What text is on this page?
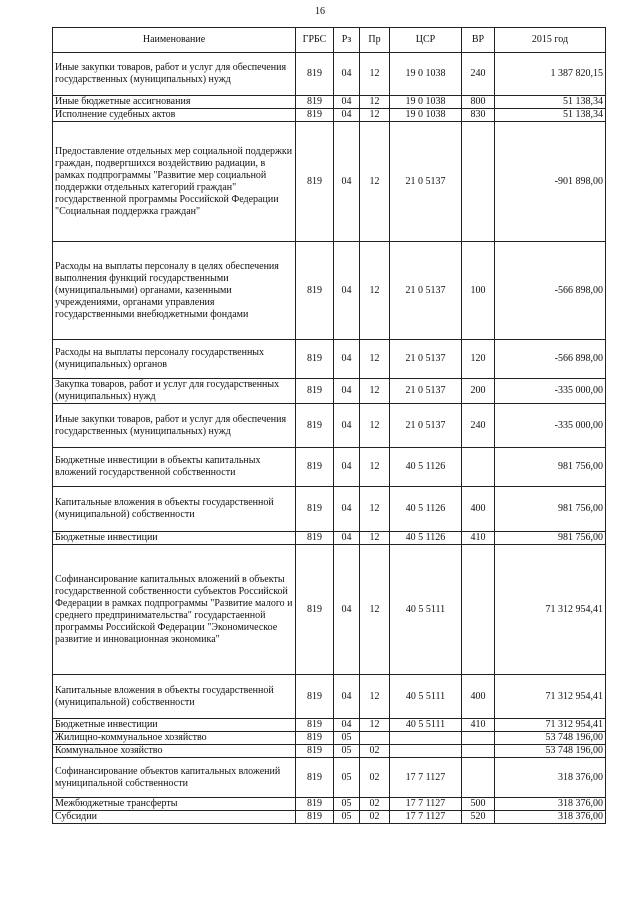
16
Наименование	ГРБС	Рз	Пр	ЦСР	ВР	2015 год
Иные закупки товаров, работ и услуг для обеспечения государственных (муниципальных) нужд	819	04	12	19 0 1038	240	1 387 820,15
Иные бюджетные ассигнования	819	04	12	19 0 1038	800	51 138,34
Исполнение судебных актов	819	04	12	19 0 1038	830	51 138,34
Предоставление отдельных мер социальной поддержки граждан, подвергшихся воздействию радиации, в рамках подпрограммы "Развитие мер социальной поддержки отдельных категорий граждан" государственной программы Российской Федерации "Социальная поддержка граждан"	819	04	12	21 0 5137		-901 898,00
Расходы на выплаты персоналу в целях обеспечения выполнения функций государственными (муниципальными) органами, казенными учреждениями, органами управления государственными внебюджетными фондами	819	04	12	21 0 5137	100	-566 898,00
Расходы на выплаты персоналу государственных (муниципальных) органов	819	04	12	21 0 5137	120	-566 898,00
Закупка товаров, работ и услуг для государственных (муниципальных) нужд	819	04	12	21 0 5137	200	-335 000,00
Иные закупки товаров, работ и услуг для обеспечения государственных (муниципальных) нужд	819	04	12	21 0 5137	240	-335 000,00
Бюджетные инвестиции в объекты капитальных вложений государственной собственности	819	04	12	40 5 1126		981 756,00
Капитальные вложения в объекты государственной (муниципальной) собственности	819	04	12	40 5 1126	400	981 756,00
Бюджетные инвестиции	819	04	12	40 5 1126	410	981 756,00
Софинансирование капитальных вложений в объекты государственной собственности субъектов Российской Федерации в рамках подпрограммы "Развитие малого и среднего предпринимательства" государстаенной программы Российской Федерации "Экономическое развитие и инновационная экономика"	819	04	12	40 5 5111		71 312 954,41
Капитальные вложения в объекты государственной (муниципальной) собственности	819	04	12	40 5 5111	400	71 312 954,41
Бюджетные инвестиции	819	04	12	40 5 5111	410	71 312 954,41
Жилищно-коммунальное хозяйство	819	05				53 748 196,00
Коммунальное хозяйство	819	05	02			53 748 196,00
Софинансирование объектов капитальных вложений муниципальной собственности	819	05	02	17 7 1127		318 376,00
Межбюджетные трансферты	819	05	02	17 7 1127	500	318 376,00
Субсидии	819	05	02	17 7 1127	520	318 376,00
